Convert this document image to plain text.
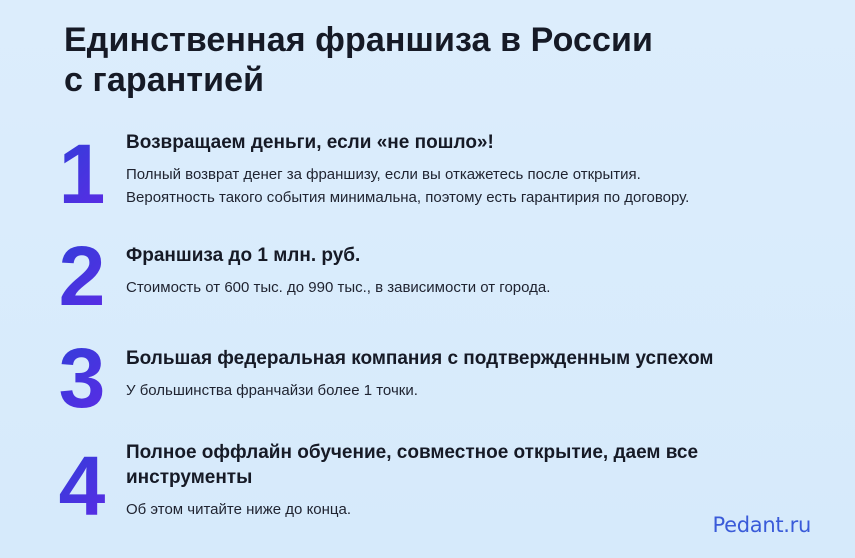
Единственная франшиза в России
с гарантией
1 Возвращаем деньги, если «не пошло»!

Полный возврат денег за франшизу, если вы откажетесь после открытия.
Вероятность такого события минимальна, поэтому есть гарантирия по договору.

2 Франшиза до 1 млн. руб.

Стоимость от 600 тыс. до 990 тыс., в зависимости от города.

3 Большая федеральная компания с подтвержденным успехом

У большинства франчайзи более 1 точки.

4 Полное оффлайн обучение, совместное открытие, даем все инструменты

Об этом читайте ниже до конца.

Pedant.ru
